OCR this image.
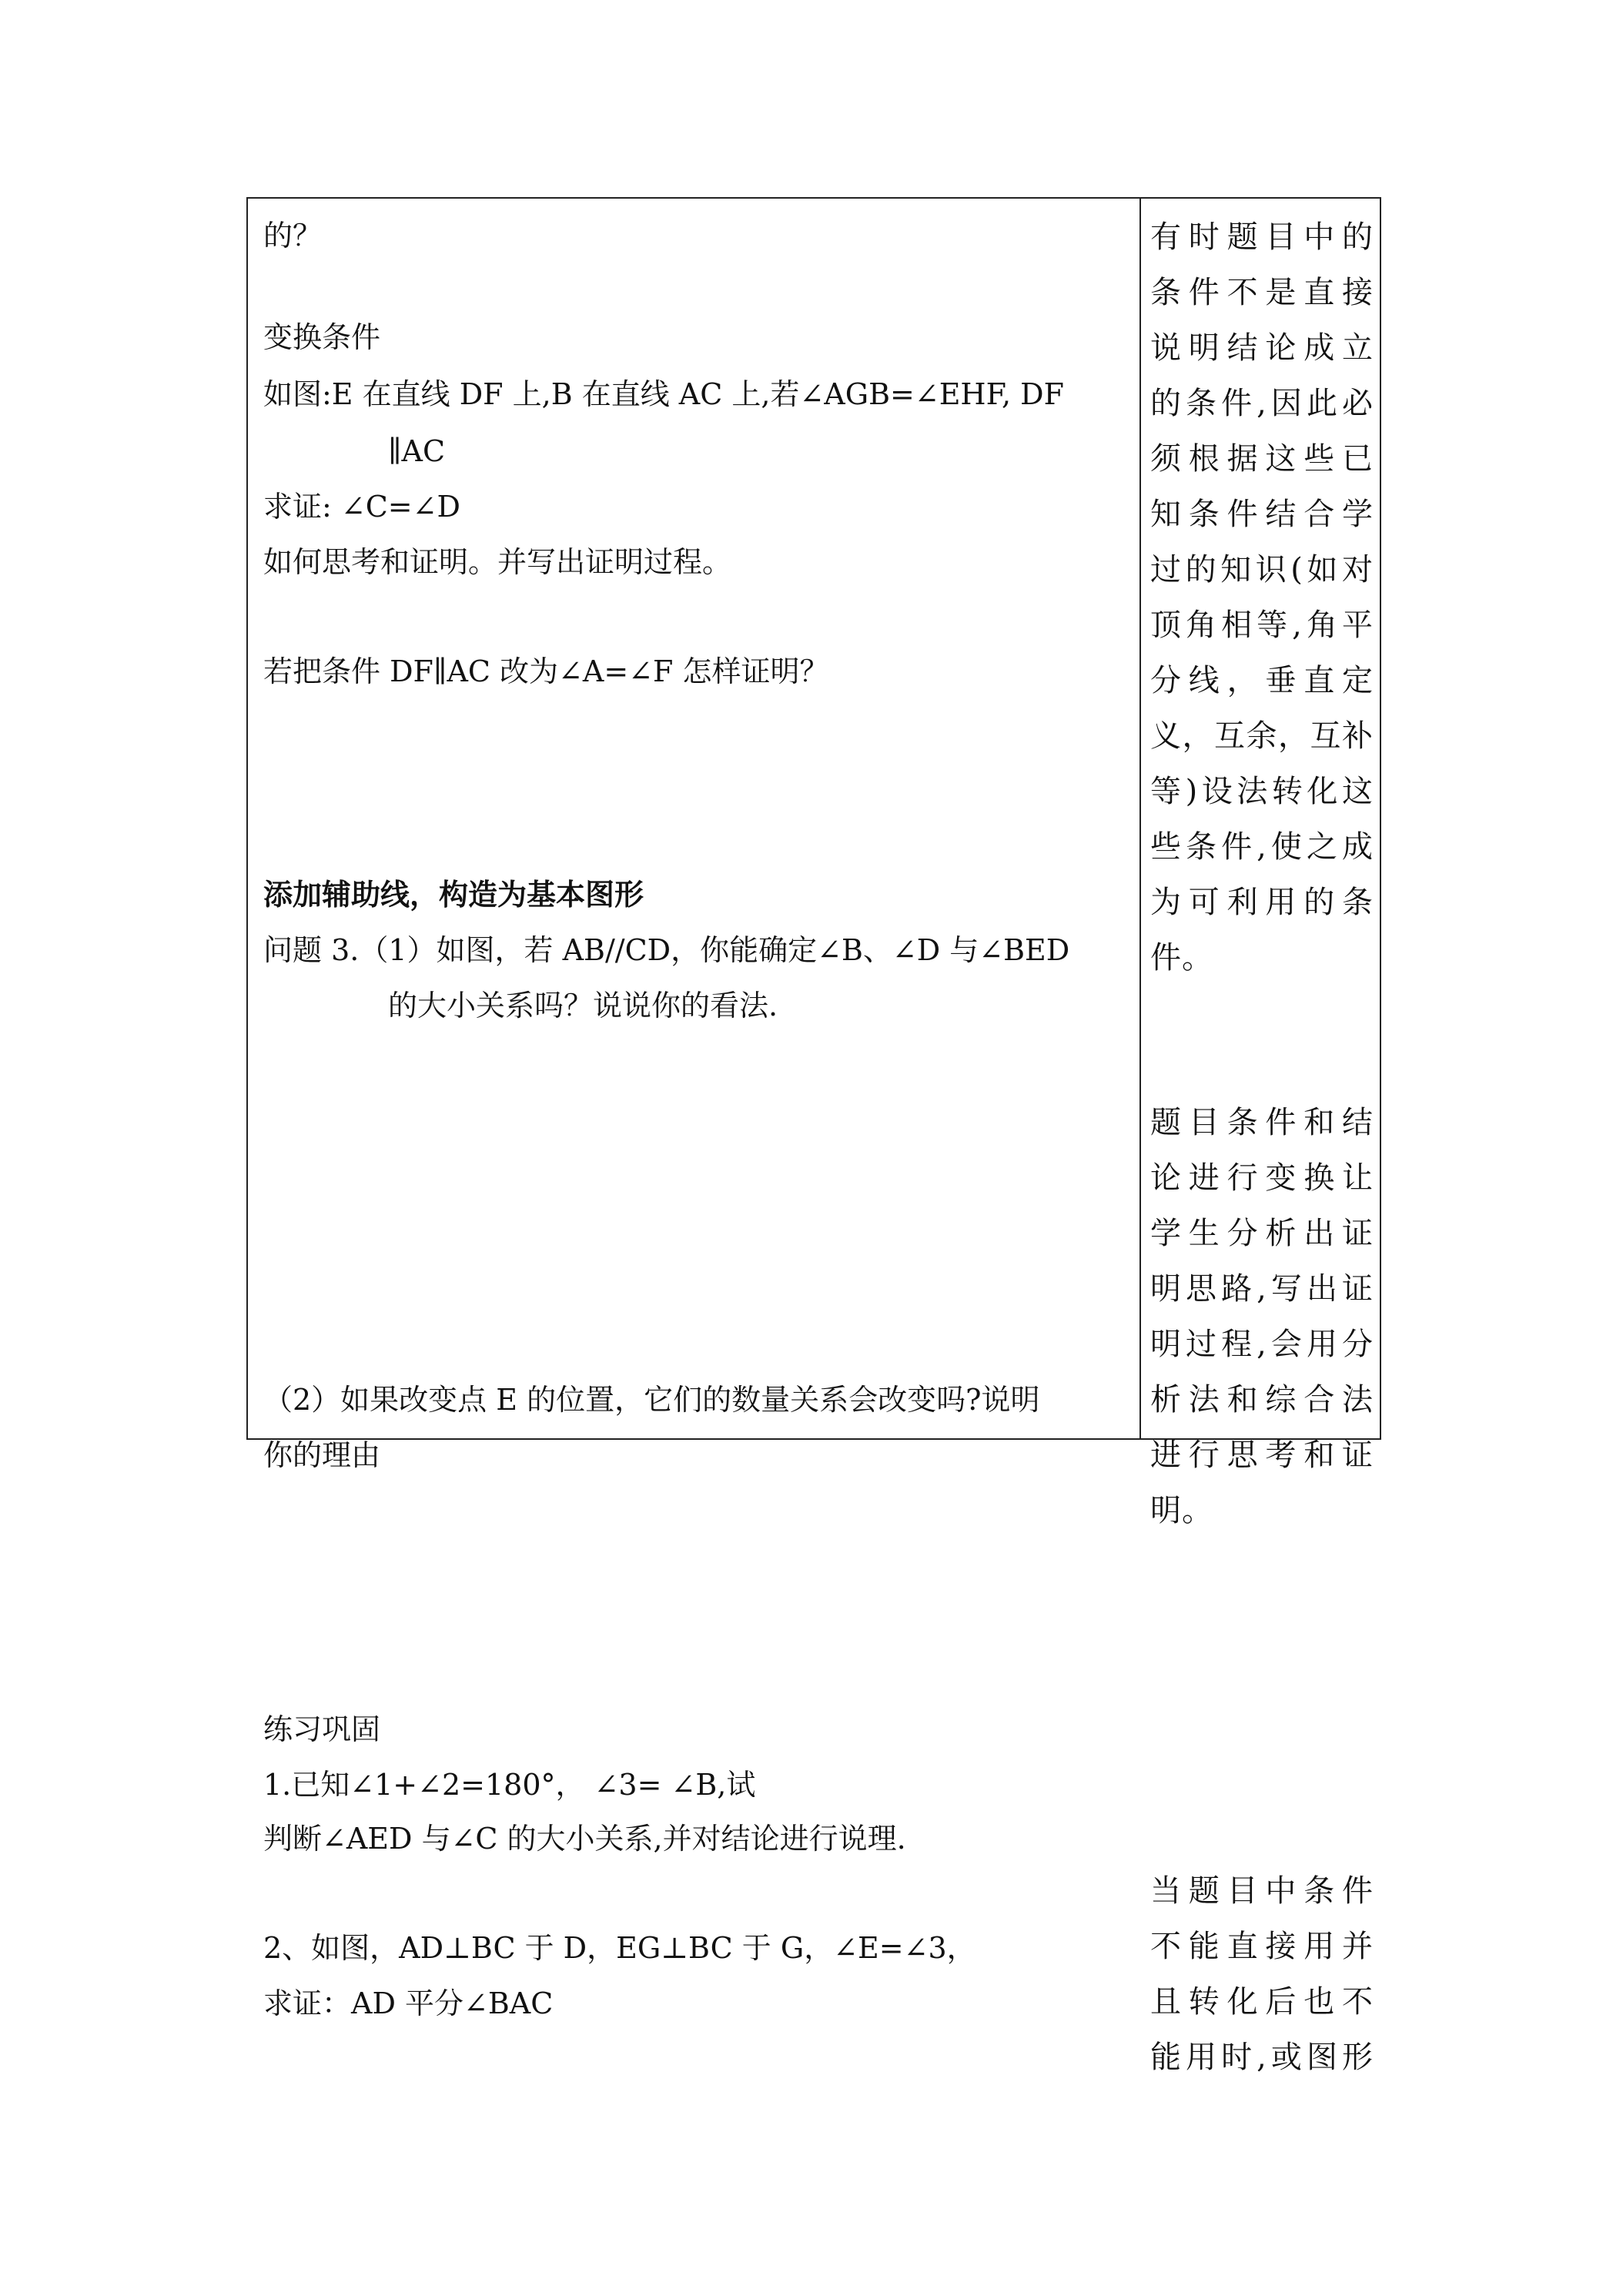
的？
变换条件
如图:E 在直线 DF 上,B 在直线 AC 上,若∠AGB=∠EHF, DF
∥AC
求证: ∠C=∠D
如何思考和证明。并写出证明过程。
若把条件 DF∥AC 改为∠A=∠F 怎样证明？
添加辅助线，构造为基本图形
问题 3.（1）如图，若 AB//CD，你能确定∠B、∠D 与∠BED
的大小关系吗？说说你的看法.
（2）如果改变点 E 的位置，它们的数量关系会改变吗?说明
你的理由
练习巩固
1.已知∠1+∠2=180°， ∠3= ∠B,试
判断∠AED 与∠C 的大小关系,并对结论进行说理.
2、如图，AD⊥BC 于 D，EG⊥BC 于 G，∠E=∠3，
求证：AD 平分∠BAC
有时题目中的
条件不是直接
说明结论成立
的条件,因此必
须根据这些已
知条件结合学
过的知识(如对
顶角相等,角平
分线，垂直定
义，互余，互补
等)设法转化这
些条件,使之成
为可利用的条
件。
题目条件和结
论进行变换让
学生分析出证
明思路,写出证
明过程,会用分
析法和综合法
进行思考和证
明。
当题目中条件
不能直接用并
且转化后也不
能用时,或图形
